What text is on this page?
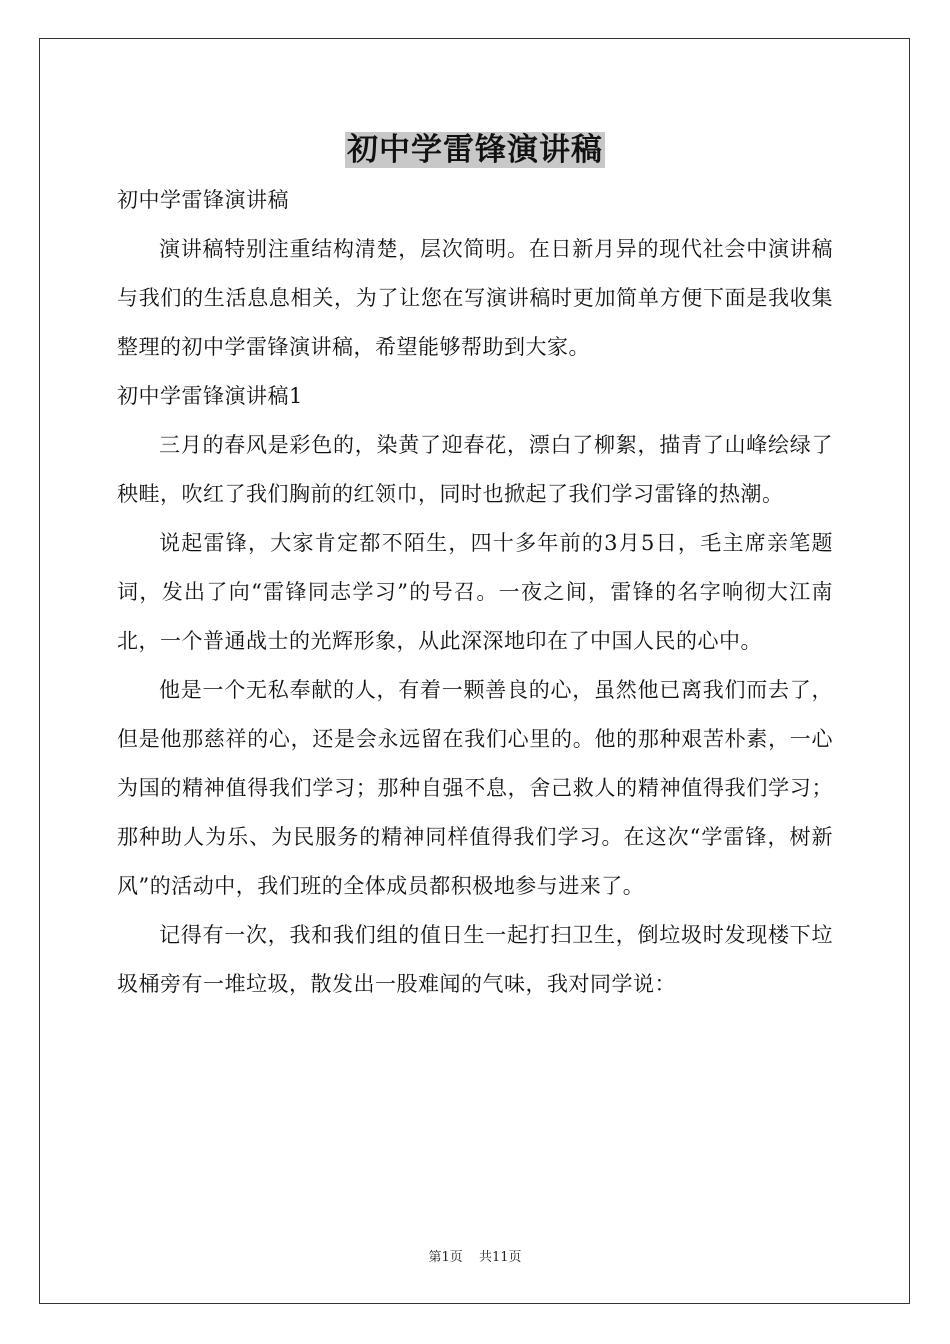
初中学雷锋演讲稿

初中学雷锋演讲稿

演讲稿特别注重结构清楚，层次简明。在日新月异的现代社会中演讲稿与我们的生活息息相关，为了让您在写演讲稿时更加简单方便下面是我收集整理的初中学雷锋演讲稿，希望能够帮助到大家。

初中学雷锋演讲稿1

三月的春风是彩色的，染黄了迎春花，漂白了柳絮，描青了山峰绘绿了秧畦，吹红了我们胸前的红领巾，同时也掀起了我们学习雷锋的热潮。

说起雷锋，大家肯定都不陌生，四十多年前的3月5日，毛主席亲笔题词，发出了向“雷锋同志学习”的号召。一夜之间，雷锋的名字响彻大江南北，一个普通战士的光辉形象，从此深深地印在了中国人民的心中。

他是一个无私奉献的人，有着一颗善良的心，虽然他已离我们而去了，但是他那慈祥的心，还是会永远留在我们心里的。他的那种艰苦朴素，一心为国的精神值得我们学习；那种自强不息，舍己救人的精神值得我们学习；那种助人为乐、为民服务的精神同样值得我们学习。在这次“学雷锋，树新风”的活动中，我们班的全体成员都积极地参与进来了。

记得有一次，我和我们组的值日生一起打扫卫生，倒垃圾时发现楼下垃圾桶旁有一堆垃圾，散发出一股难闻的气味，我对同学说：

第1页 共11页
